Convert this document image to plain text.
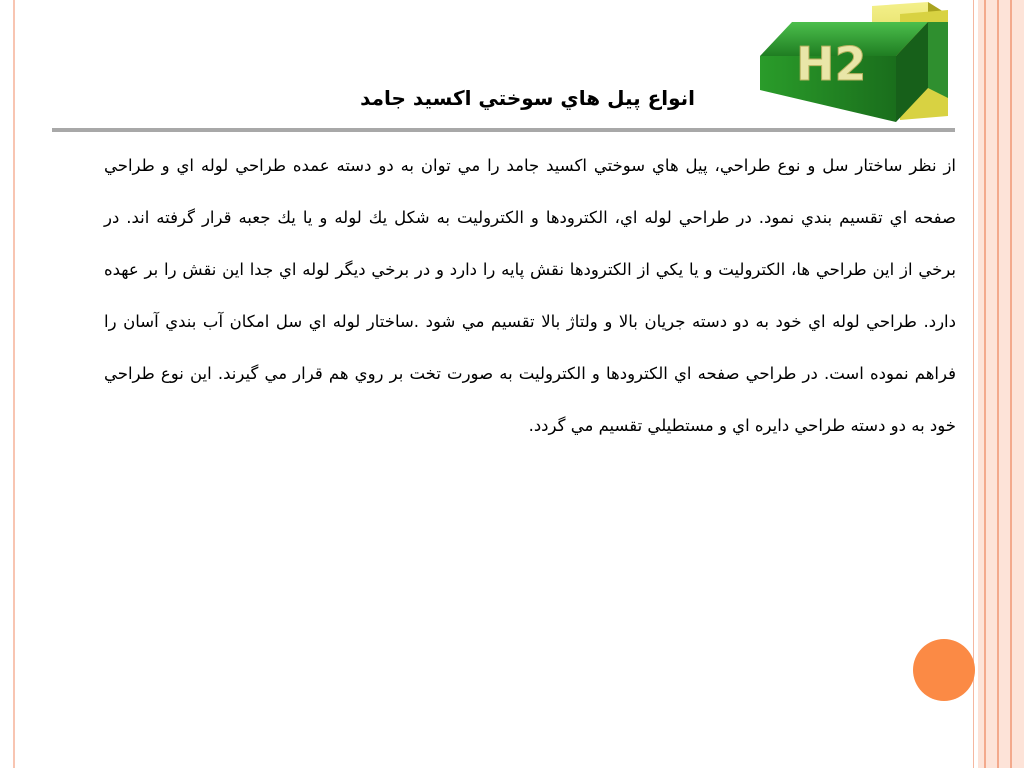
H2
انواع پيل هاي سوختي اکسيد جامد

از نظر ساختار سل و نوع طراحي، پيل هاي سوختي اکسيد جامد را مي توان به دو دسته عمده طراحي لوله اي و طراحي صفحه اي تقسيم بندي نمود. در طراحي لوله اي، الکترودها و الکتروليت به شکل يك لوله و يا يك جعبه قرار گرفته اند. در برخي از اين طراحي ها، الکتروليت و يا يکي از الکترودها نقش پايه را دارد و در برخي ديگر لوله اي جدا اين نقش را بر عهده دارد. طراحي لوله اي خود به دو دسته جريان بالا و ولتاژ بالا تقسيم مي شود .ساختار لوله اي سل امکان آب بندي آسان را فراهم نموده است. در طراحي صفحه اي الکترودها و الکتروليت به صورت تخت بر روي هم قرار مي گيرند. اين نوع طراحي خود به دو دسته طراحي دايره اي و مستطيلي تقسيم مي گردد.
